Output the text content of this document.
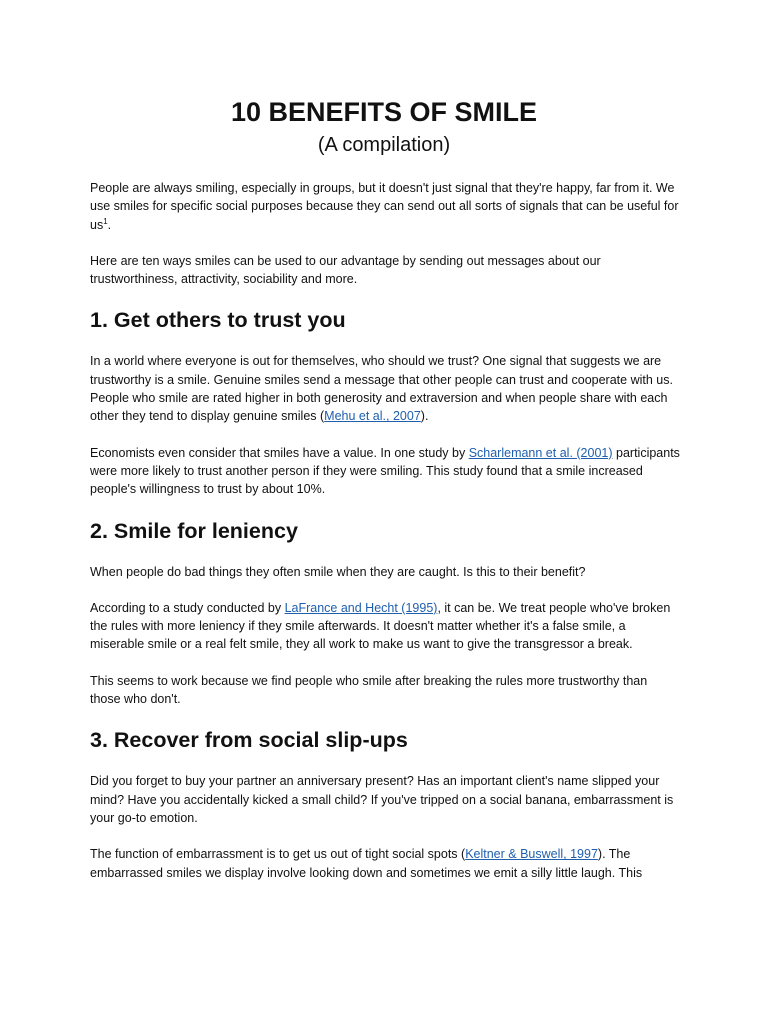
10 BENEFITS OF SMILE
(A compilation)

People are always smiling, especially in groups, but it doesn't just signal that they're happy, far from it. We use smiles for specific social purposes because they can send out all sorts of signals that can be useful for $us^1$.

Here are ten ways smiles can be used to our advantage by sending out messages about our trustworthiness, attractivity, sociability and more.

1. Get others to trust you

In a world where everyone is out for themselves, who should we trust? One signal that suggests we are trustworthy is a smile. Genuine smiles send a message that other people can trust and cooperate with us. People who smile are rated higher in both generosity and extraversion and when people share with each other they tend to display genuine smiles (Mehu et al., 2007).

Economists even consider that smiles have a value. In one study by Scharlemann et al. (2001) participants were more likely to trust another person if they were smiling. This study found that a smile increased people's willingness to trust by about 10%.

2. Smile for leniency

When people do bad things they often smile when they are caught. Is this to their benefit?

According to a study conducted by LaFrance and Hecht (1995), it can be. We treat people who've broken the rules with more leniency if they smile afterwards. It doesn't matter whether it's a false smile, a miserable smile or a real felt smile, they all work to make us want to give the transgressor a break.

This seems to work because we find people who smile after breaking the rules more trustworthy than those who don't.

3. Recover from social slip-ups

Did you forget to buy your partner an anniversary present? Has an important client's name slipped your mind? Have you accidentally kicked a small child? If you've tripped on a social banana, embarrassment is your go-to emotion.

The function of embarrassment is to get us out of tight social spots (Keltner & Buswell, 1997). The embarrassed smiles we display involve looking down and sometimes we emit a silly little laugh. This
